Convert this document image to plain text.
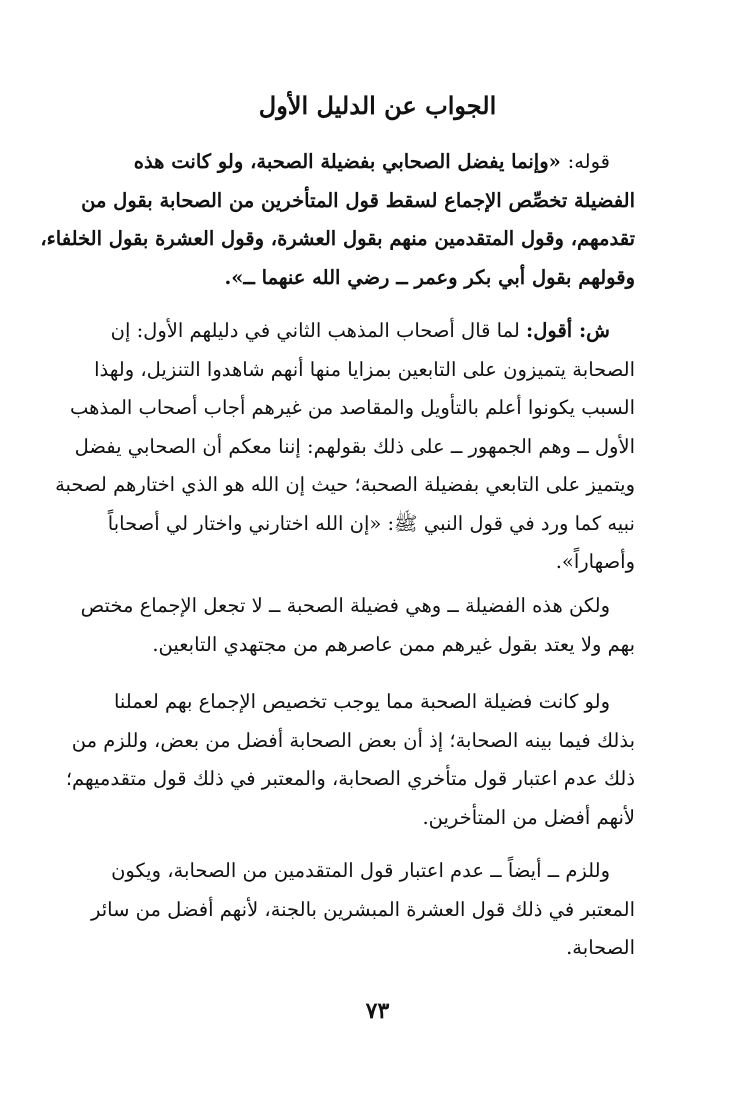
الجواب عن الدليل الأول
قوله: «وإنما يفضل الصحابي بفضيلة الصحبة، ولو كانت هذه
الفضيلة تخصِّص الإجماع لسقط قول المتأخرين من الصحابة بقول من
تقدمهم، وقول المتقدمين منهم بقول العشرة، وقول العشرة بقول الخلفاء،
وقولهم بقول أبي بكر وعمر ــ رضي الله عنهما ــ».
ش: أقول: لما قال أصحاب المذهب الثاني في دليلهم الأول: إن
الصحابة يتميزون على التابعين بمزايا منها أنهم شاهدوا التنزيل، ولهذا
السبب يكونوا أعلم بالتأويل والمقاصد من غيرهم أجاب أصحاب المذهب
الأول ــ وهم الجمهور ــ على ذلك بقولهم: إننا معكم أن الصحابي يفضل
ويتميز على التابعي بفضيلة الصحبة؛ حيث إن الله هو الذي اختارهم لصحبة
نبيه كما ورد في قول النبي ﷺ: «إن الله اختارني واختار لي أصحاباً
وأصهاراً».
ولكن هذه الفضيلة ــ وهي فضيلة الصحبة ــ لا تجعل الإجماع مختص
بهم ولا يعتد بقول غيرهم ممن عاصرهم من مجتهدي التابعين.
ولو كانت فضيلة الصحبة مما يوجب تخصيص الإجماع بهم لعملنا
بذلك فيما بينه الصحابة؛ إذ أن بعض الصحابة أفضل من بعض، وللزم من
ذلك عدم اعتبار قول متأخري الصحابة، والمعتبر في ذلك قول متقدميهم؛
لأنهم أفضل من المتأخرين.
وللزم ــ أيضاً ــ عدم اعتبار قول المتقدمين من الصحابة، ويكون
المعتبر في ذلك قول العشرة المبشرين بالجنة، لأنهم أفضل من سائر
الصحابة.
٧٣
